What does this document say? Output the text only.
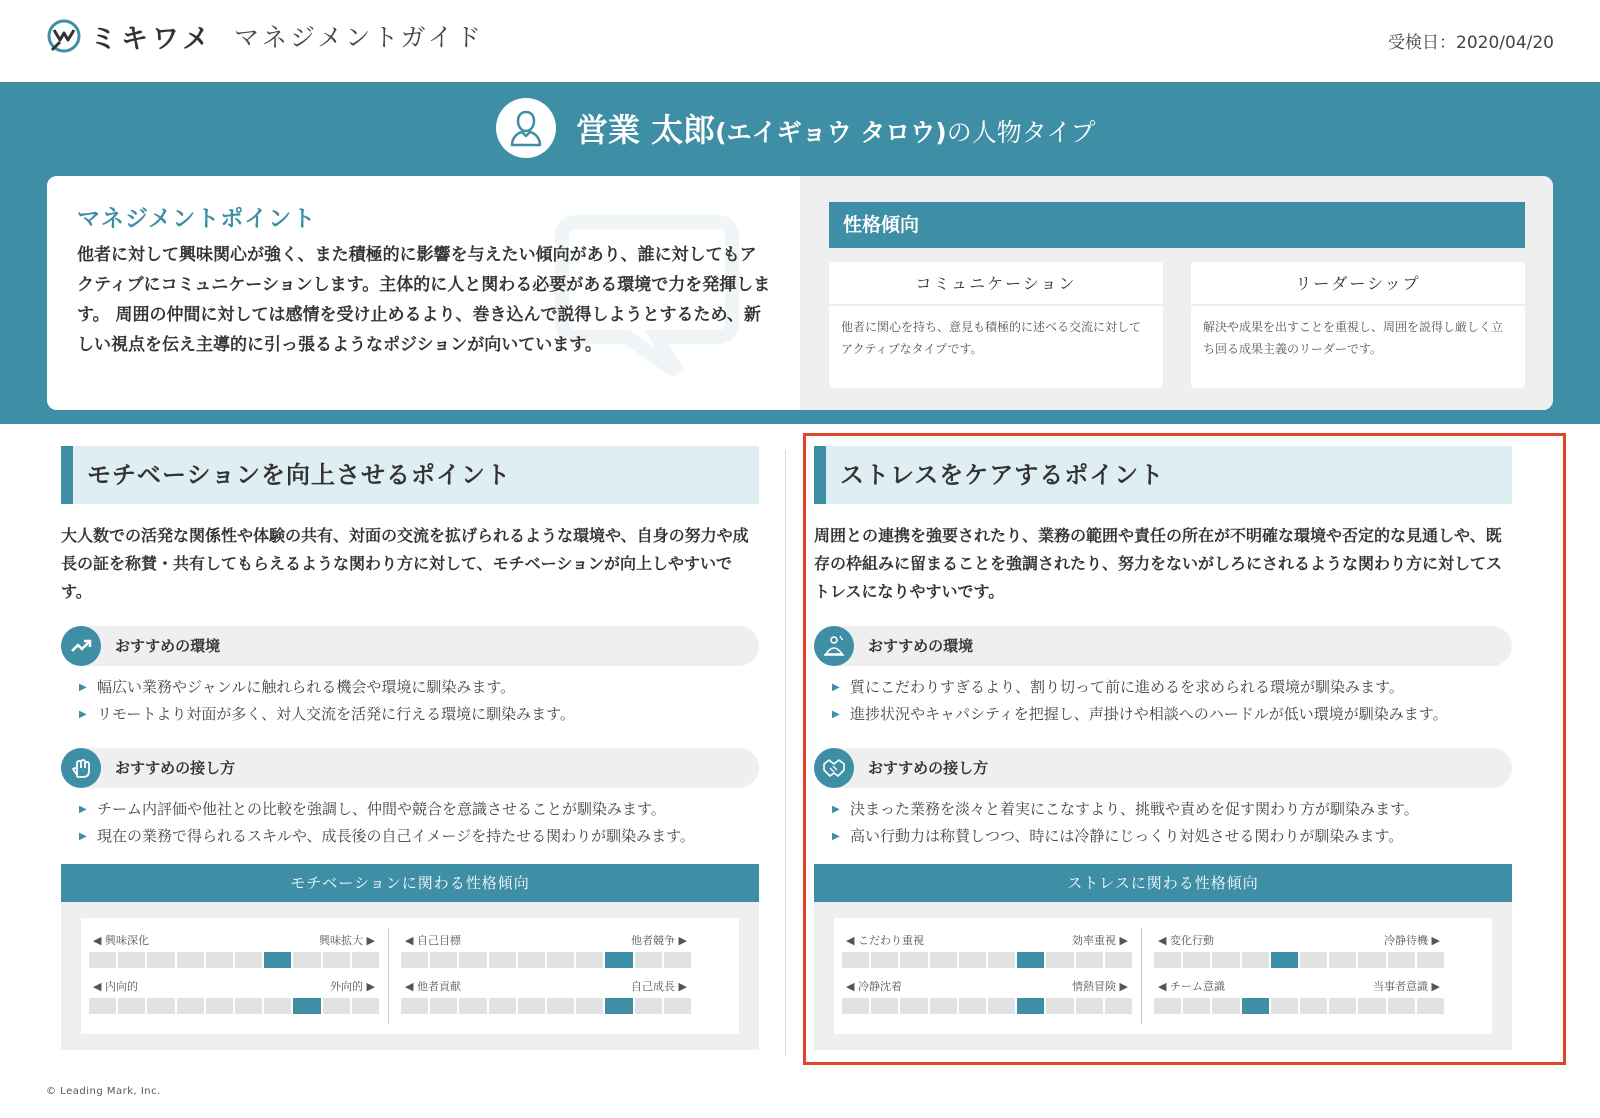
ミキワメ マネジメントガイド	受検日：2020/04/20
営業 太郎(エイギョウ タロウ)の人物タイプ
マネジメントポイント
他者に対して興味関心が強く、また積極的に影響を与えたい傾向があり、誰に対してもアクティブにコミュニケーションします。主体的に人と関わる必要がある環境で力を発揮します。 周囲の仲間に対しては感情を受け止めるより、巻き込んで説得しようとするため、新しい視点を伝え主導的に引っ張るようなポジションが向いています。
性格傾向
コミュニケーション
他者に関心を持ち、意見も積極的に述べる交流に対してアクティブなタイプです。
リーダーシップ
解決や成果を出すことを重視し、周囲を説得し厳しく立ち回る成果主義のリーダーです。
モチベーションを向上させるポイント
大人数での活発な関係性や体験の共有、対面の交流を拡げられるような環境や、自身の努力や成長の証を称賛・共有してもらえるような関わり方に対して、モチベーションが向上しやすいです。
おすすめの環境
▶ 幅広い業務やジャンルに触れられる機会や環境に馴染みます。
▶ リモートより対面が多く、対人交流を活発に行える環境に馴染みます。
おすすめの接し方
▶ チーム内評価や他社との比較を強調し、仲間や競合を意識させることが馴染みます。
▶ 現在の業務で得られるスキルや、成長後の自己イメージを持たせる関わりが馴染みます。
モチベーションに関わる性格傾向
◀ 興味深化	興味拡大 ▶	◀ 自己目標	他者競争 ▶
◀ 内向的	外向的 ▶	◀ 他者貢献	自己成長 ▶
ストレスをケアするポイント
周囲との連携を強要されたり、業務の範囲や責任の所在が不明確な環境や否定的な見通しや、既存の枠組みに留まることを強調されたり、努力をないがしろにされるような関わり方に対してストレスになりやすいです。
おすすめの環境
▶ 質にこだわりすぎるより、割り切って前に進めるを求められる環境が馴染みます。
▶ 進捗状況やキャパシティを把握し、声掛けや相談へのハードルが低い環境が馴染みます。
おすすめの接し方
▶ 決まった業務を淡々と着実にこなすより、挑戦や責めを促す関わり方が馴染みます。
▶ 高い行動力は称賛しつつ、時には冷静にじっくり対処させる関わりが馴染みます。
ストレスに関わる性格傾向
◀ こだわり重視	効率重視 ▶	◀ 変化行動	冷静待機 ▶
◀ 冷静沈着	情熱冒険 ▶	◀ チーム意識	当事者意識 ▶
© Leading Mark, Inc.
